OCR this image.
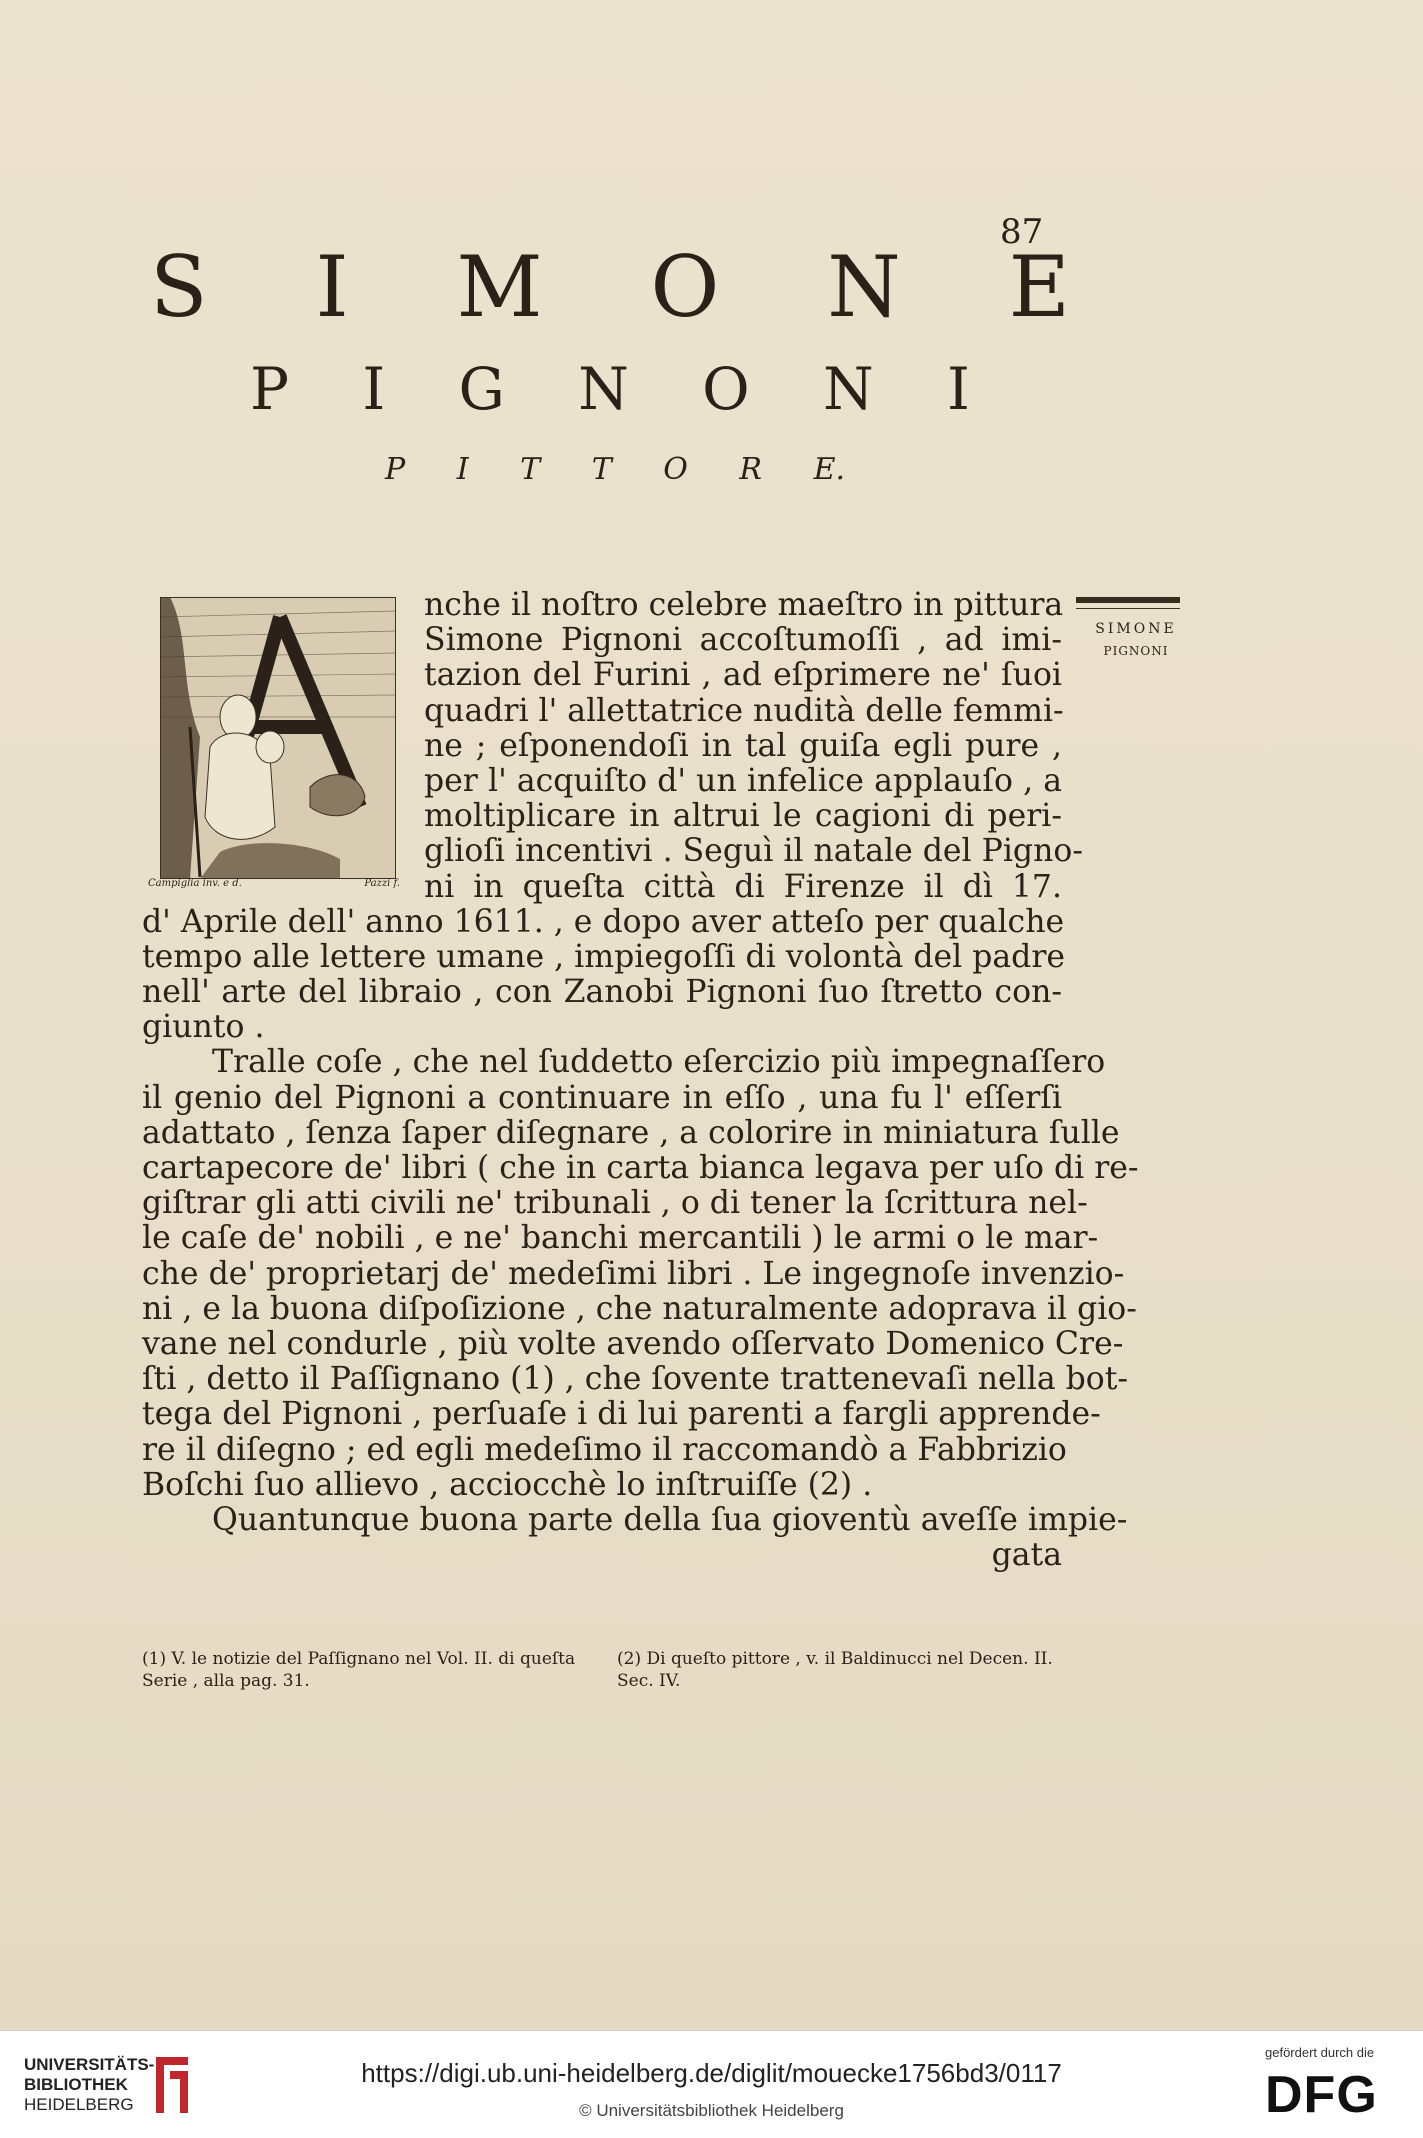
87
S I M O N E
P I G N O N I
P I T T O R E.
SIMONE
PIGNONI
Campiglia inv. e d.	Pazzi f.
nche il noſtro celebre maeſtro in pittura
Simone Pignoni accoſtumoſſi , ad imi-
tazion del Furini , ad eſprimere ne' ſuoi
quadri l' allettatrice nudità delle femmi-
ne ; eſponendoſi in tal guiſa egli pure ,
per l' acquiſto d' un infelice applauſo , a
moltiplicare in altrui le cagioni di peri-
glioſi incentivi . Seguì il natale del Pigno-
ni in queſta città di Firenze il dì 17.
d' Aprile dell' anno 1611. , e dopo aver atteſo per qualche
tempo alle lettere umane , impiegoſſi di volontà del padre
nell' arte del libraio , con Zanobi Pignoni ſuo ſtretto con-
giunto .
Tralle coſe , che nel ſuddetto eſercizio più impegnaſſero
il genio del Pignoni a continuare in eſſo , una fu l' eſſerſi
adattato , ſenza ſaper diſegnare , a colorire in miniatura ſulle
cartapecore de' libri ( che in carta bianca legava per uſo di re-
giſtrar gli atti civili ne' tribunali , o di tener la ſcrittura nel-
le caſe de' nobili , e ne' banchi mercantili ) le armi o le mar-
che de' proprietarj de' medeſimi libri . Le ingegnoſe invenzio-
ni , e la buona diſpoſizione , che naturalmente adoprava il gio-
vane nel condurle , più volte avendo oſſervato Domenico Cre-
ſti , detto il Paſſignano (1) , che ſovente trattenevaſi nella bot-
tega del Pignoni , perſuaſe i di lui parenti a fargli apprende-
re il diſegno ; ed egli medeſimo il raccomandò a Fabbrizio
Boſchi ſuo allievo , acciocchè lo inſtruiſſe (2) .
Quantunque buona parte della ſua gioventù aveſſe impie-
gata
(1) V. le notizie del Paſſignano nel Vol. II. di queſta Serie , alla pag. 31.
(2) Di queſto pittore , v. il Baldinucci nel Decen. II. Sec. IV.
UNIVERSITÄTS-
BIBLIOTHEK
HEIDELBERG
https://digi.ub.uni-heidelberg.de/diglit/mouecke1756bd3/0117
© Universitätsbibliothek Heidelberg
gefördert durch die
DFG
